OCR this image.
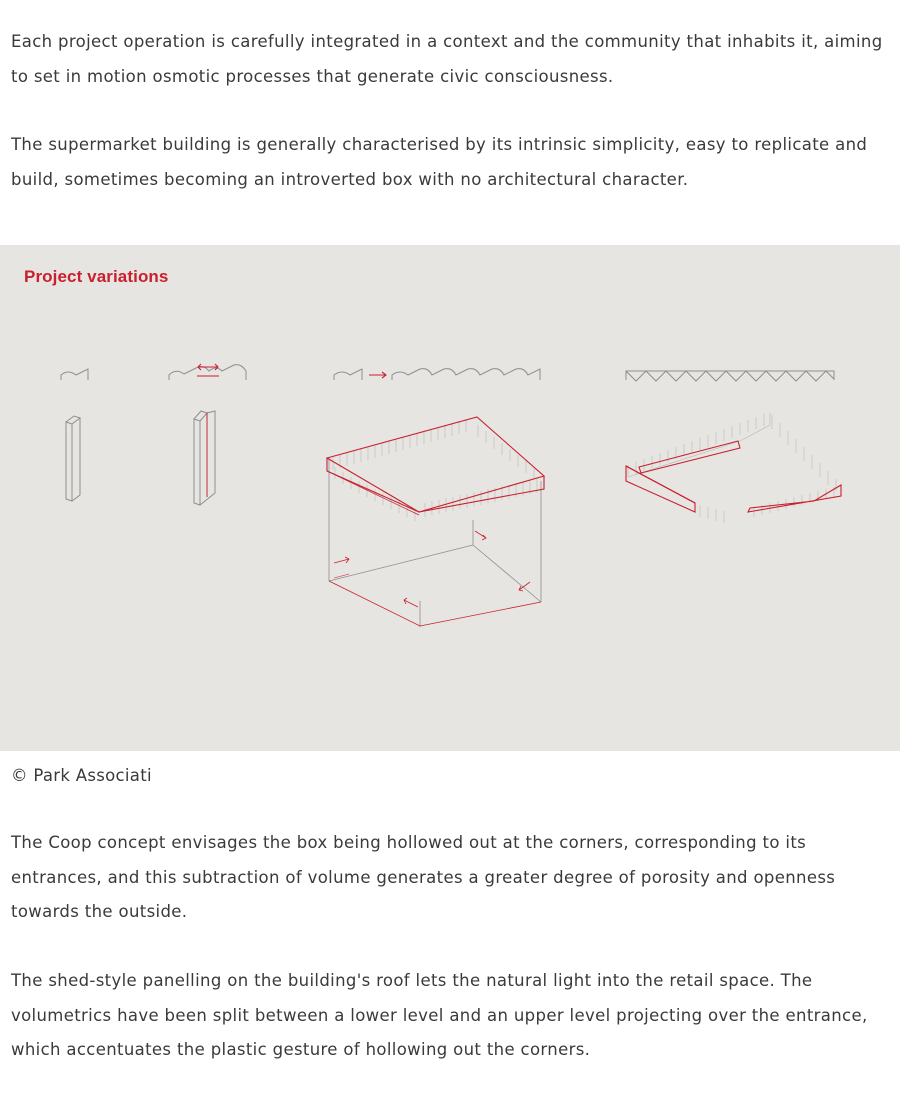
Each project operation is carefully integrated in a context and the community that inhabits it, aiming to set in motion osmotic processes that generate civic consciousness.

The supermarket building is generally characterised by its intrinsic simplicity, easy to replicate and build, sometimes becoming an introverted box with no architectural character.

Project variations

© Park Associati

The Coop concept envisages the box being hollowed out at the corners, corresponding to its entrances, and this subtraction of volume generates a greater degree of porosity and openness towards the outside.

The shed-style panelling on the building's roof lets the natural light into the retail space. The volumetrics have been split between a lower level and an upper level projecting over the entrance, which accentuates the plastic gesture of hollowing out the corners.
